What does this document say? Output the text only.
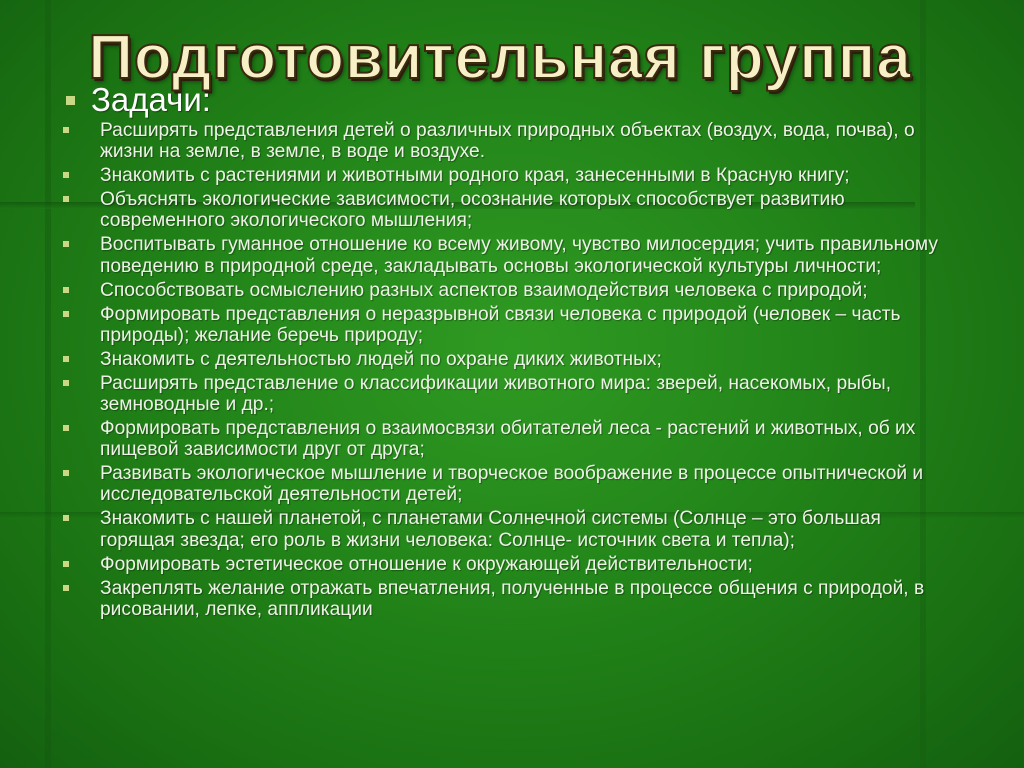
Подготовительная группа
Задачи:
Расширять представления детей о различных природных объектах (воздух, вода, почва), о жизни на земле, в земле, в воде и воздухе.
Знакомить с растениями и животными родного края, занесенными в Красную книгу;
Объяснять экологические зависимости, осознание которых способствует развитию современного экологического мышления;
Воспитывать гуманное отношение ко всему живому, чувство милосердия; учить правильному поведению в природной среде, закладывать основы экологической культуры личности;
Способствовать осмыслению разных аспектов взаимодействия человека с природой;
Формировать представления о неразрывной связи человека с природой (человек – часть природы); желание беречь природу;
Знакомить с деятельностью людей по охране диких животных;
Расширять представление о классификации животного мира: зверей, насекомых, рыбы, земноводные и др.;
Формировать представления о взаимосвязи обитателей леса - растений и животных, об их пищевой зависимости друг от друга;
Развивать экологическое мышление и творческое воображение в процессе опытнической и исследовательской деятельности детей;
Знакомить с нашей планетой, с планетами Солнечной системы (Солнце – это большая горящая звезда; его роль в жизни человека: Солнце- источник света и тепла);
Формировать эстетическое отношение к окружающей действительности;
Закреплять желание отражать впечатления, полученные в процессе общения с природой, в рисовании, лепке, аппликации
